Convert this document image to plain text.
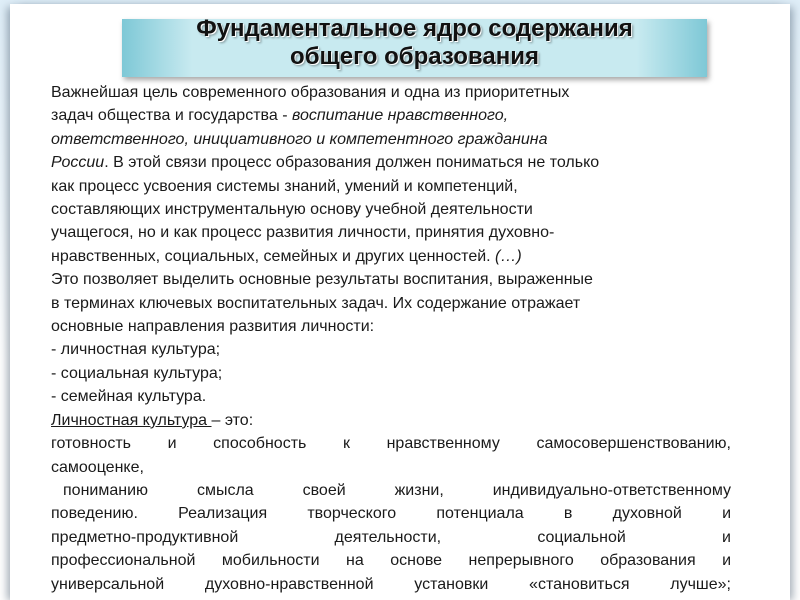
Фундаментальное ядро содержания
общего образования

Важнейшая цель современного образования и одна из приоритетных

задач общества и государства - воспитание нравственного,

ответственного, инициативного и компетентного гражданина

России. В этой связи процесс образования должен пониматься не только

как процесс усвоения системы знаний, умений и компетенций,

составляющих инструментальную основу учебной деятельности

учащегося, но и как процесс развития личности, принятия духовно-

нравственных, социальных, семейных и других ценностей. (…)

Это позволяет выделить основные результаты воспитания, выраженные

в терминах ключевых воспитательных задач. Их содержание отражает

основные направления развития личности:

- личностная культура;

- социальная культура;

- семейная культура.

Личностная культура – это:

готовность и способность к нравственному самосовершенствованию,

самооценке,

пониманию смысла своей жизни, индивидуально-ответственному

поведению. Реализация творческого потенциала в духовной и

предметно-продуктивной деятельности, социальной и

профессиональной мобильности на основе непрерывного образования и

универсальной духовно-нравственной установки «становиться лучше»;
